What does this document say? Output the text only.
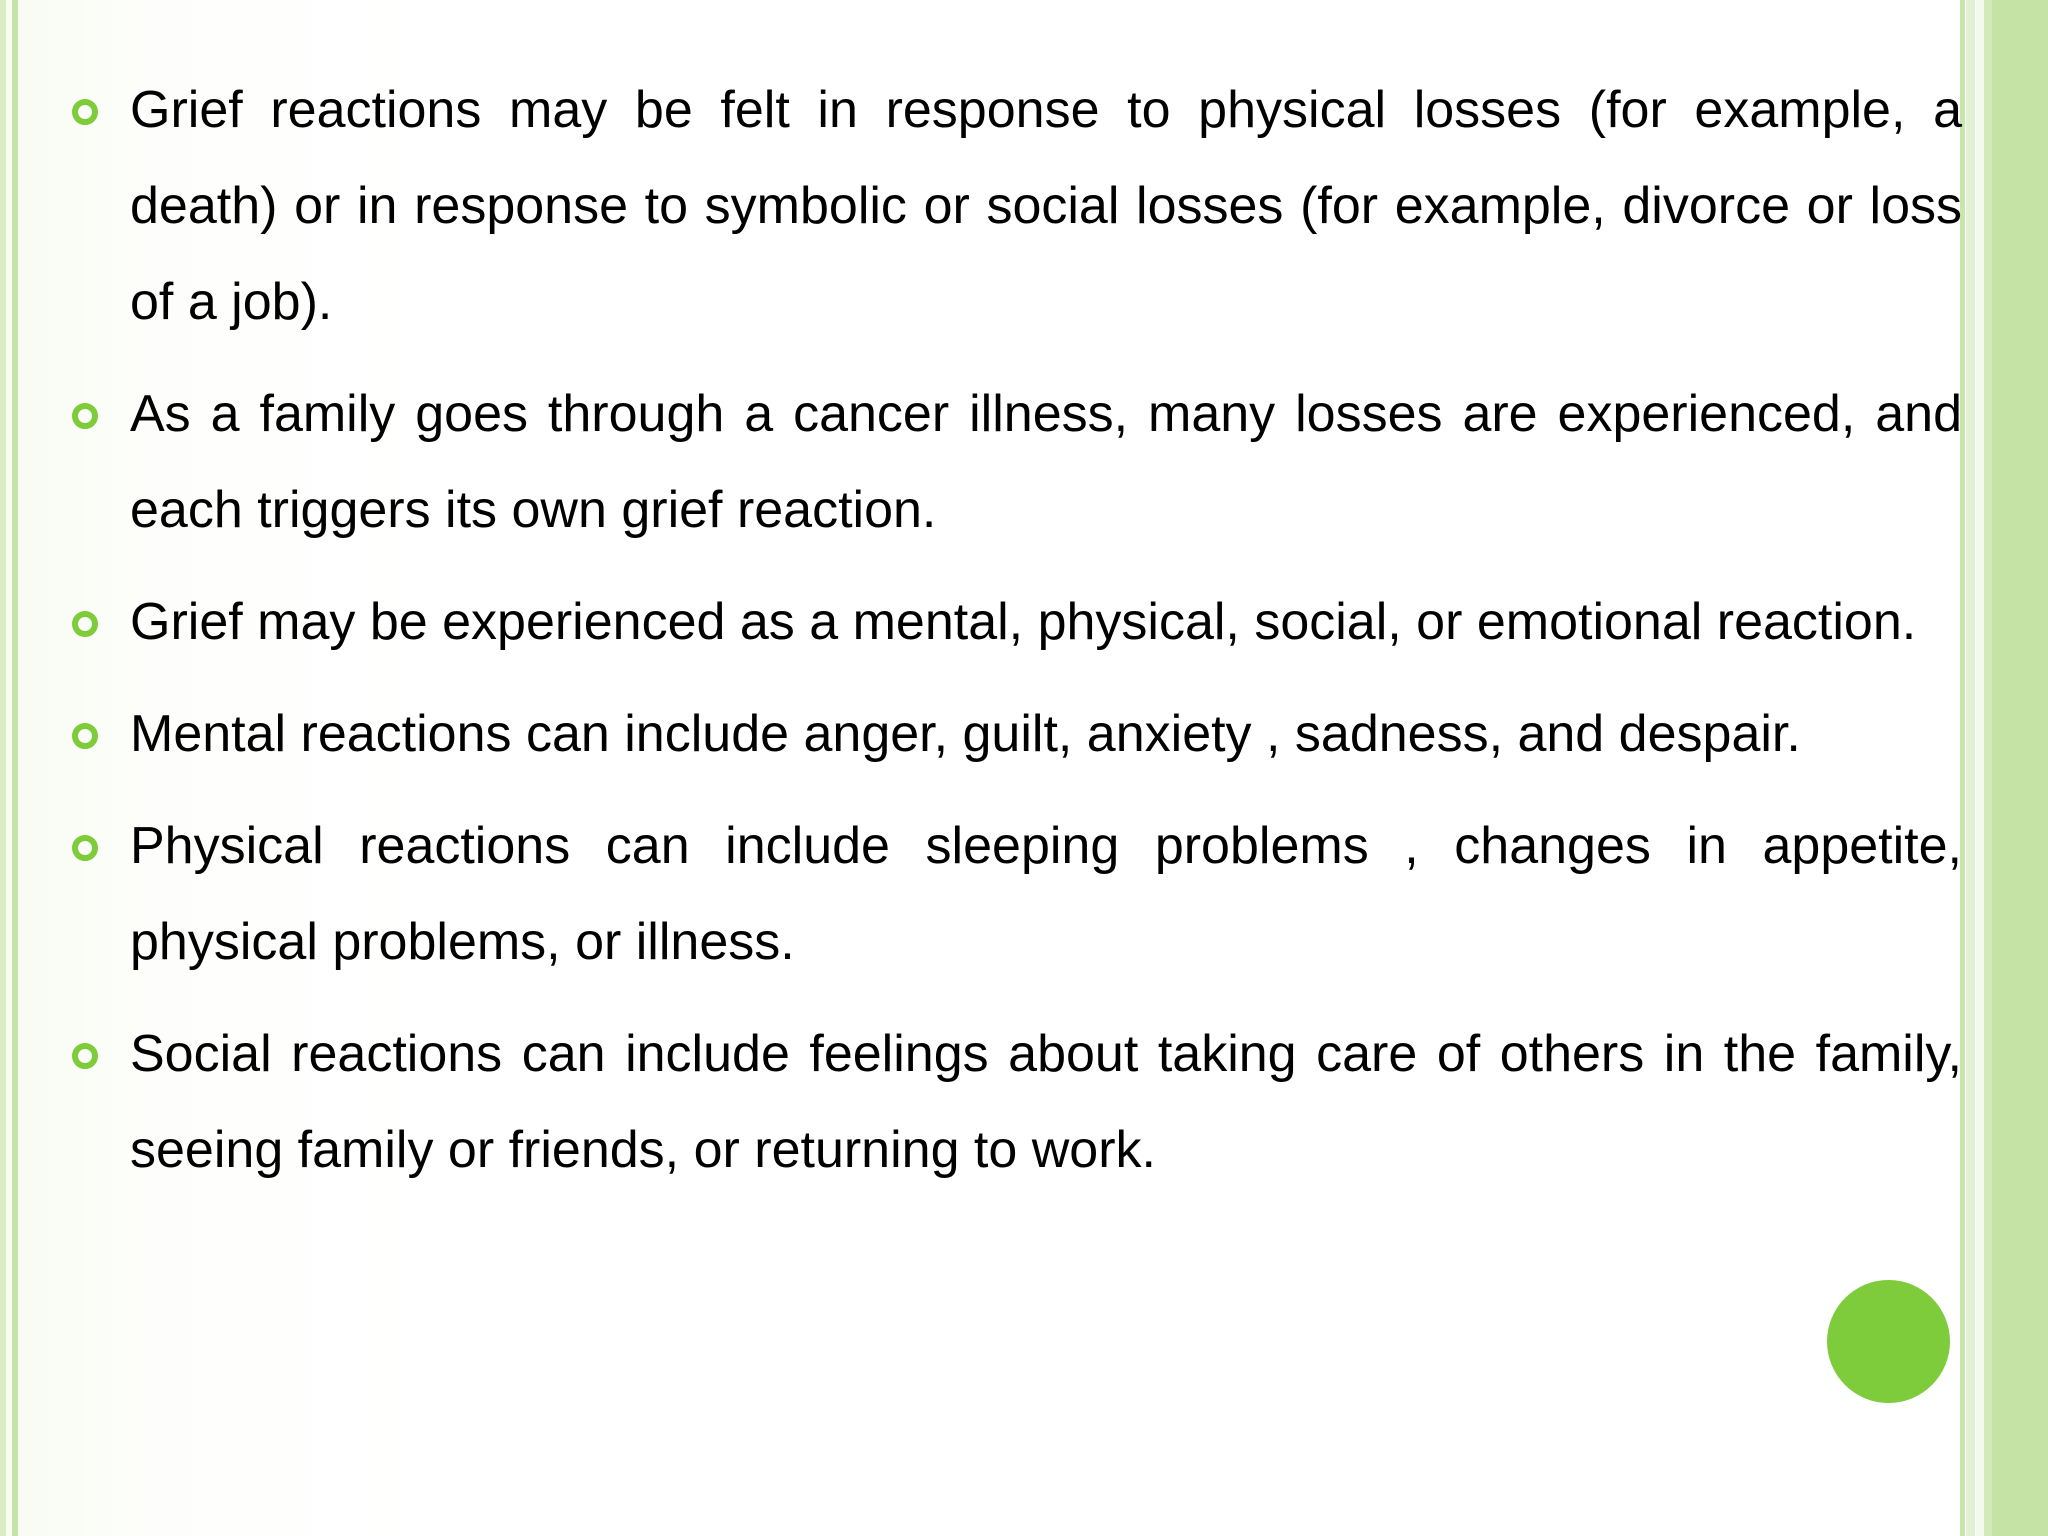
Grief reactions may be felt in response to physical losses (for example, a death) or in response to symbolic or social losses (for example, divorce or loss of a job).
As a family goes through a cancer illness, many losses are experienced, and each triggers its own grief reaction.
Grief may be experienced as a mental, physical, social, or emotional reaction.
Mental reactions can include anger, guilt, anxiety , sadness, and despair.
Physical reactions can include sleeping problems , changes in appetite, physical problems, or illness.
Social reactions can include feelings about taking care of others in the family, seeing family or friends, or returning to work.
